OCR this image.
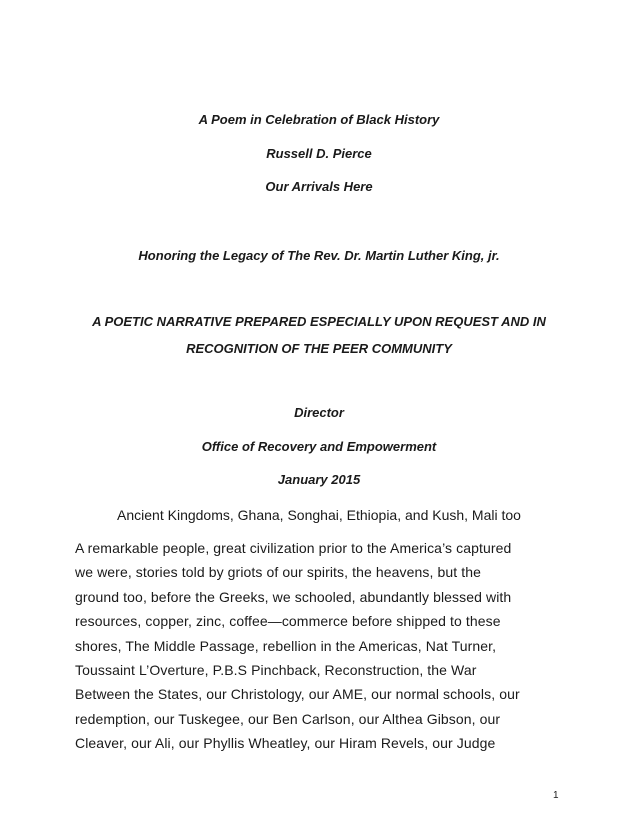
A Poem in Celebration of Black History
Russell D. Pierce
Our Arrivals Here
Honoring the Legacy of The Rev. Dr. Martin Luther King, jr.
A POETIC NARRATIVE PREPARED ESPECIALLY UPON REQUEST AND IN
RECOGNITION OF THE PEER COMMUNITY
Director
Office of Recovery and Empowerment
January 2015
Ancient Kingdoms, Ghana, Songhai, Ethiopia, and Kush, Mali too
A remarkable people, great civilization prior to the America’s captured
we were, stories told by griots of our spirits, the heavens, but the
ground too, before the Greeks, we schooled, abundantly blessed with
resources, copper, zinc, coffee—commerce before shipped to these
shores, The Middle Passage, rebellion in the Americas, Nat Turner,
Toussaint L’Overture, P.B.S Pinchback, Reconstruction, the War
Between the States, our Christology, our AME, our normal schools, our
redemption, our Tuskegee, our Ben Carlson, our Althea Gibson, our
Cleaver, our Ali, our Phyllis Wheatley, our Hiram Revels, our Judge
1
